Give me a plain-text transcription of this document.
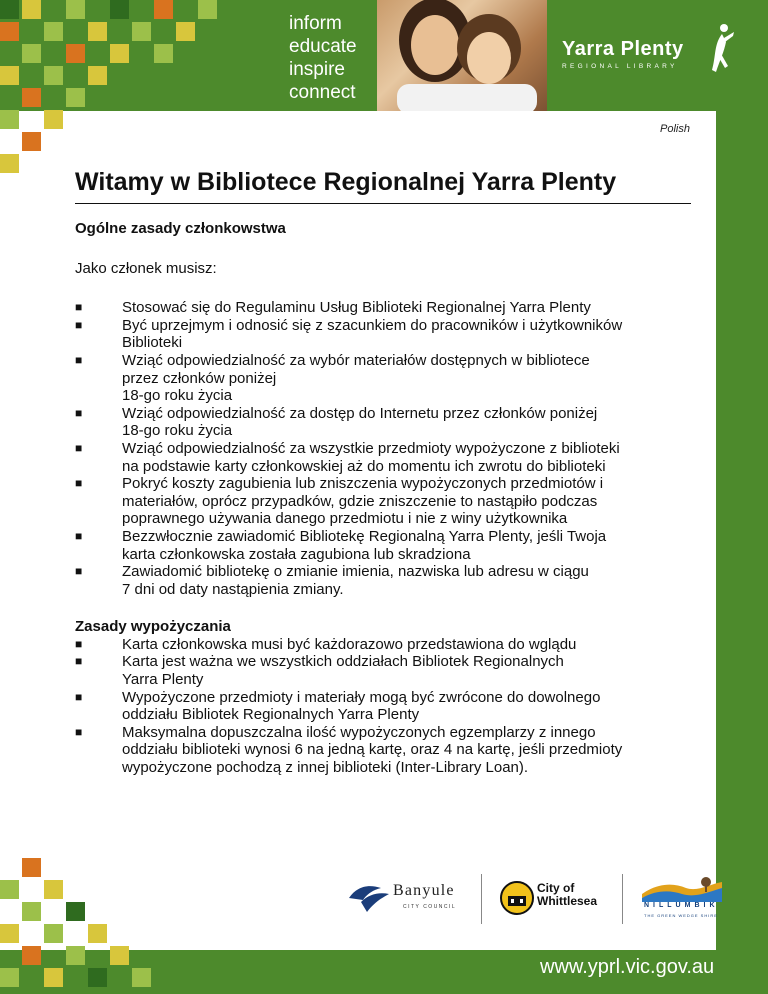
inform
educate
inspire
connect
Yarra Plenty
REGIONAL LIBRARY
Polish
Witamy w Bibliotece Regionalnej Yarra Plenty
Ogólne zasady członkowstwa
Jako członek musisz:
■	Stosować się do Regulaminu Usług Biblioteki Regionalnej Yarra Plenty
■	Być uprzejmym i odnosić się z szacunkiem do pracowników i użytkowników
Biblioteki
■	Wziąć odpowiedzialność za wybór materiałów dostępnych w bibliotece
przez członków poniżej
18-go roku życia
■	Wziąć odpowiedzialność za dostęp do Internetu przez członków poniżej
18-go roku życia
■	Wziąć odpowiedzialność za wszystkie przedmioty wypożyczone z biblioteki
na podstawie karty członkowskiej aż do momentu ich zwrotu do biblioteki
■	Pokryć koszty zagubienia lub zniszczenia wypożyczonych przedmiotów i
materiałów, oprócz przypadków, gdzie zniszczenie to nastąpiło podczas
poprawnego używania danego przedmiotu i nie z winy użytkownika
■	Bezzwłocznie zawiadomić Bibliotekę Regionalną Yarra Plenty, jeśli Twoja
karta członkowska została zagubiona lub skradziona
■	Zawiadomić bibliotekę o zmianie imienia, nazwiska lub adresu w ciągu
7 dni od daty nastąpienia zmiany.
Zasady wypożyczania
■	Karta członkowska musi być każdorazowo przedstawiona do wglądu
■	Karta jest ważna we wszystkich oddziałach Bibliotek Regionalnych
Yarra Plenty
■	Wypożyczone przedmioty i materiały mogą być zwrócone do dowolnego
oddziału Bibliotek Regionalnych Yarra Plenty
■	Maksymalna dopuszczalna ilość wypożyczonych egzemplarzy z innego
oddziału biblioteki wynosi 6 na jedną kartę, oraz 4 na kartę, jeśli przedmioty
wypożyczone pochodzą z innej biblioteki (Inter-Library Loan).
Banyule
CITY COUNCIL
City of
Whittlesea	NILLUMBIK
THE GREEN WEDGE SHIRE
www.yprl.vic.gov.au
